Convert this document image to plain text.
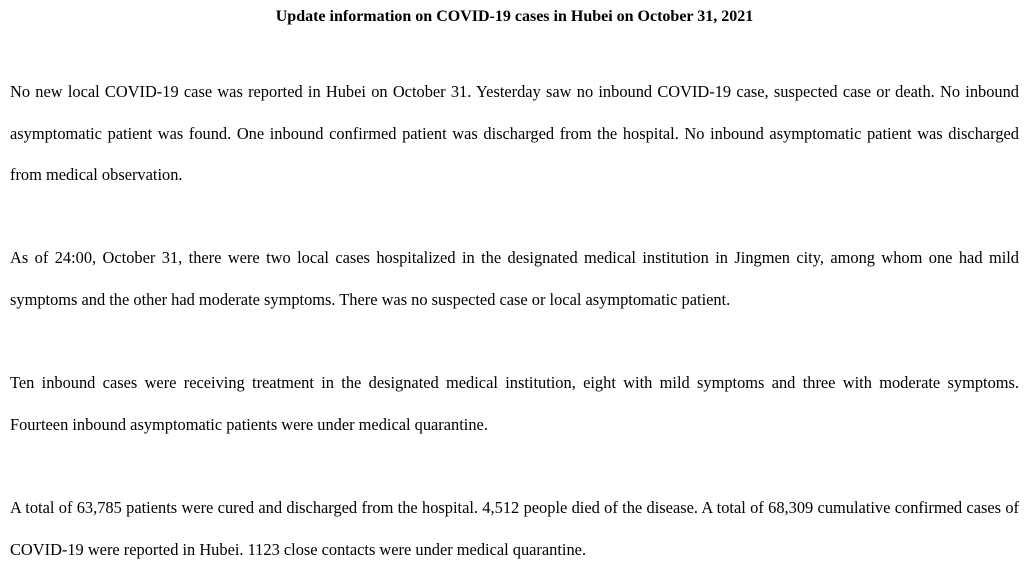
Update information on COVID-19 cases in Hubei on October 31, 2021

No new local COVID-19 case was reported in Hubei on October 31. Yesterday saw no inbound COVID-19 case, suspected case or death. No inbound asymptomatic patient was found. One inbound confirmed patient was discharged from the hospital. No inbound asymptomatic patient was discharged from medical observation.

As of 24:00, October 31, there were two local cases hospitalized in the designated medical institution in Jingmen city, among whom one had mild symptoms and the other had moderate symptoms. There was no suspected case or local asymptomatic patient.

Ten inbound cases were receiving treatment in the designated medical institution, eight with mild symptoms and three with moderate symptoms. Fourteen inbound asymptomatic patients were under medical quarantine.

A total of 63,785 patients were cured and discharged from the hospital. 4,512 people died of the disease. A total of 68,309 cumulative confirmed cases of COVID-19 were reported in Hubei. 1123 close contacts were under medical quarantine.
